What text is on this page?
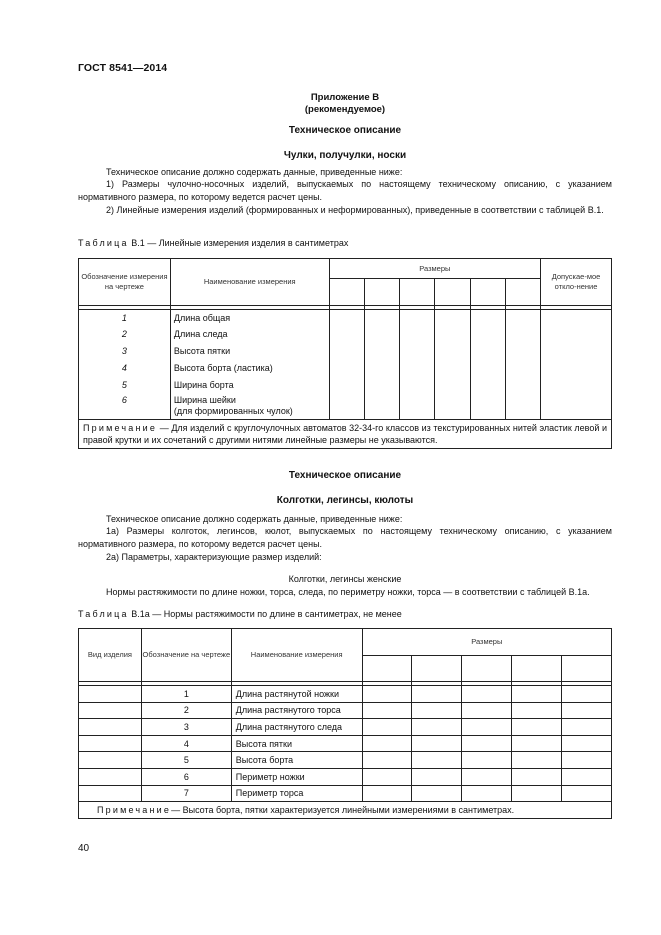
ГОСТ 8541—2014
Приложение В
(рекомендуемое)
Техническое описание
Чулки, получулки, носки
Техническое описание должно содержать данные, приведенные ниже:
1) Размеры чулочно-носочных изделий, выпускаемых по настоящему техническому описанию, с указанием нормативного размера, по которому ведется расчет цены.
2) Линейные измерения изделий (формированных и неформированных), приведенные в соответствии с таблицей В.1.
Таблица В.1 — Линейные измерения изделия в сантиметрах
Обозначение измерения на чертеже	Наименование измерения	Размеры						Допускае-мое откло-нение

1	Длина общая							
2	Длина следа							
3	Высота пятки							
4	Высота борта (ластика)							
5	Ширина борта							
6	Ширина шейки
(для формированных чулок)							

Примечание — Для изделий с круглочулочных автоматов 32-34-го классов из текстурированных нитей эластик левой и правой крутки и их сочетаний с другими нитями линейные размеры не указываются.								
Техническое описание
Колготки, легинсы, кюлоты
Техническое описание должно содержать данные, приведенные ниже:
1а) Размеры колготок, легинсов, кюлот, выпускаемых по настоящему техническому описанию, с указанием нормативного размера, по которому ведется расчет цены.
2а) Параметры, характеризующие размер изделий:
Колготки, легинсы женские
Нормы растяжимости по длине ножки, торса, следа, по периметру ножки, торса — в соответствии с таблицей В.1а.
Таблица В.1а — Нормы растяжимости по длине в сантиметрах, не менее
Вид изделия	Обозначение на чертеже	Наименование измерения	Размеры				

	1	Длина растянутой ножки					
	2	Длина растянутого торса					
	3	Длина растянутого следа					
	4	Высота пятки					
	5	Высота борта					
	6	Периметр ножки					
	7	Периметр торса					
Примечание— Высота борта, пятки характеризуется линейными измерениями в сантиметрах.							
40
